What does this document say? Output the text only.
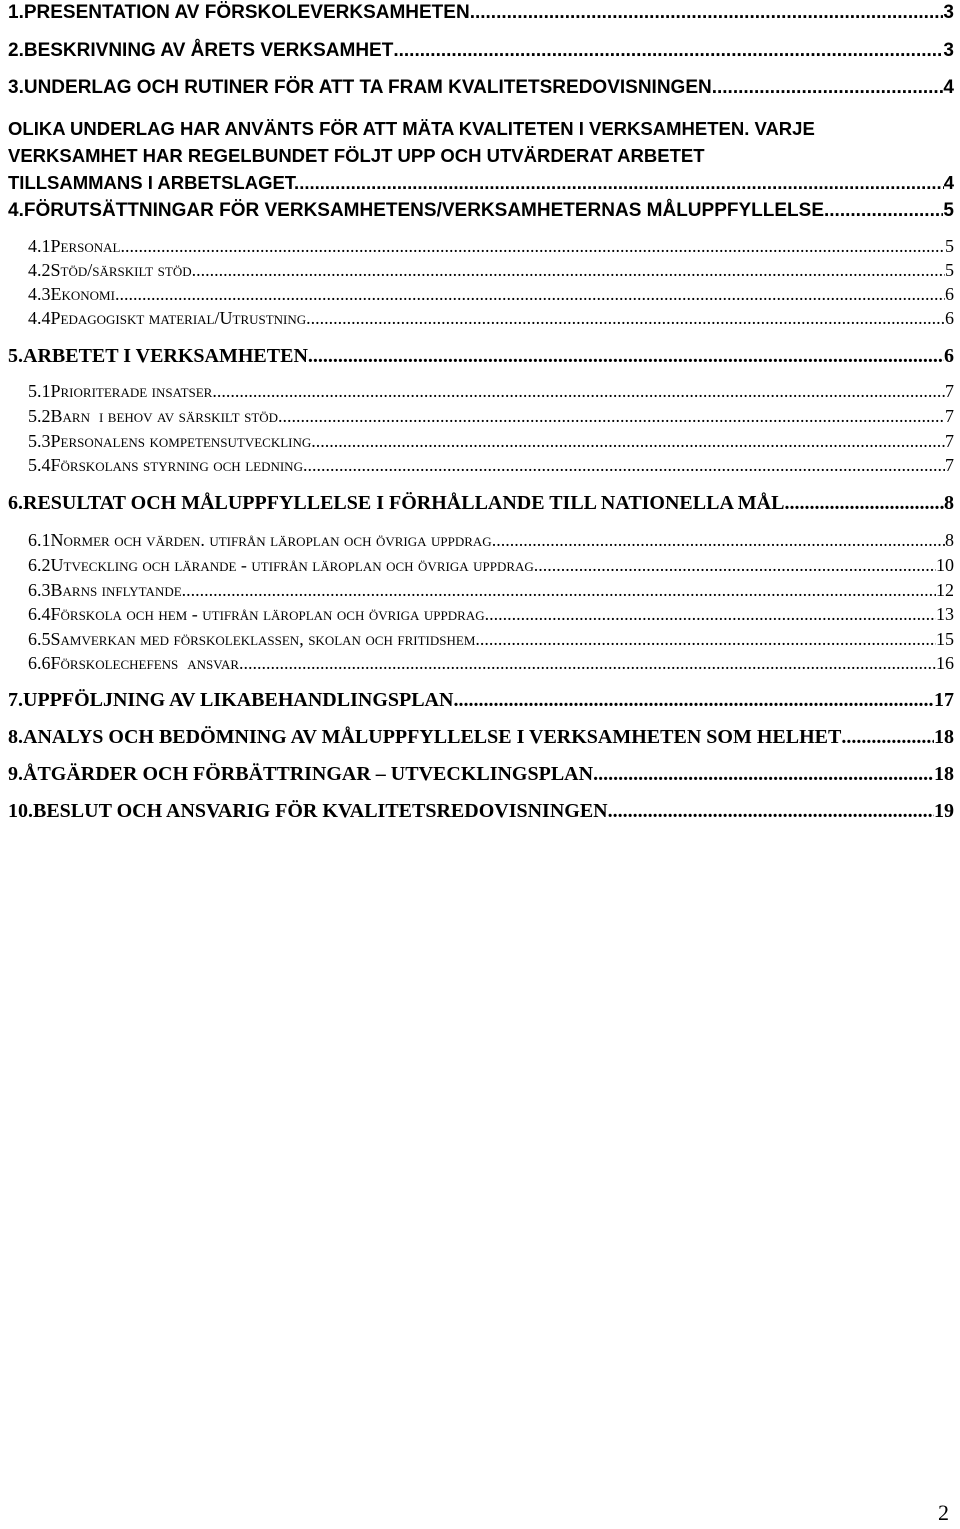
1.PRESENTATION AV FÖRSKOLEVERKSAMHETEN .....	3
2.BESKRIVNING AV ÅRETS VERKSAMHET .....	3
3.UNDERLAG OCH RUTINER FÖR ATT TA FRAM KVALITETSREDOVISNINGEN. .....	4
OLIKA UNDERLAG HAR ANVÄNTS FÖR ATT MÄTA KVALITETEN I VERKSAMHETEN. VARJE
VERKSAMHET HAR REGELBUNDET FÖLJT UPP OCH UTVÄRDERAT ARBETET
TILLSAMMANS I ARBETSLAGET. .....	4
4.FÖRUTSÄTTNINGAR FÖR VERKSAMHETENS/VERKSAMHETERNAS MÅLUPPFYLLELSE .....	5
4.1Personal .....	5
4.2Stöd/särskilt stöd .....	5
4.3Ekonomi .....	6
4.4Pedagogiskt material/Utrustning .....	6
5.ARBETET I VERKSAMHETEN .....	6
5.1Prioriterade insatser .....	7
5.2Barn  i behov av särskilt stöd .....	7
5.3Personalens kompetensutveckling .....	7
5.4Förskolans styrning och ledning .....	7
6.RESULTAT OCH MÅLUPPFYLLELSE I FÖRHÅLLANDE TILL NATIONELLA MÅL .....	8
6.1Normer och värden. utifrån läroplan och övriga uppdrag .....	8
6.2Utveckling och lärande - utifrån läroplan och övriga uppdrag .....	10
6.3Barns inflytande .....	12
6.4Förskola och hem - utifrån läroplan och övriga uppdrag .....	13
6.5Samverkan med förskoleklassen, skolan och fritidshem .....	15
6.6Förskolechefens  ansvar .....	16
7.UPPFÖLJNING AV LIKABEHANDLINGSPLAN .....	17
8.ANALYS OCH BEDÖMNING AV MÅLUPPFYLLELSE I VERKSAMHETEN SOM HELHET .....	18
9.ÅTGÄRDER OCH FÖRBÄTTRINGAR – UTVECKLINGSPLAN .....	18
10.BESLUT OCH ANSVARIG FÖR KVALITETSREDOVISNINGEN .....	19
2
